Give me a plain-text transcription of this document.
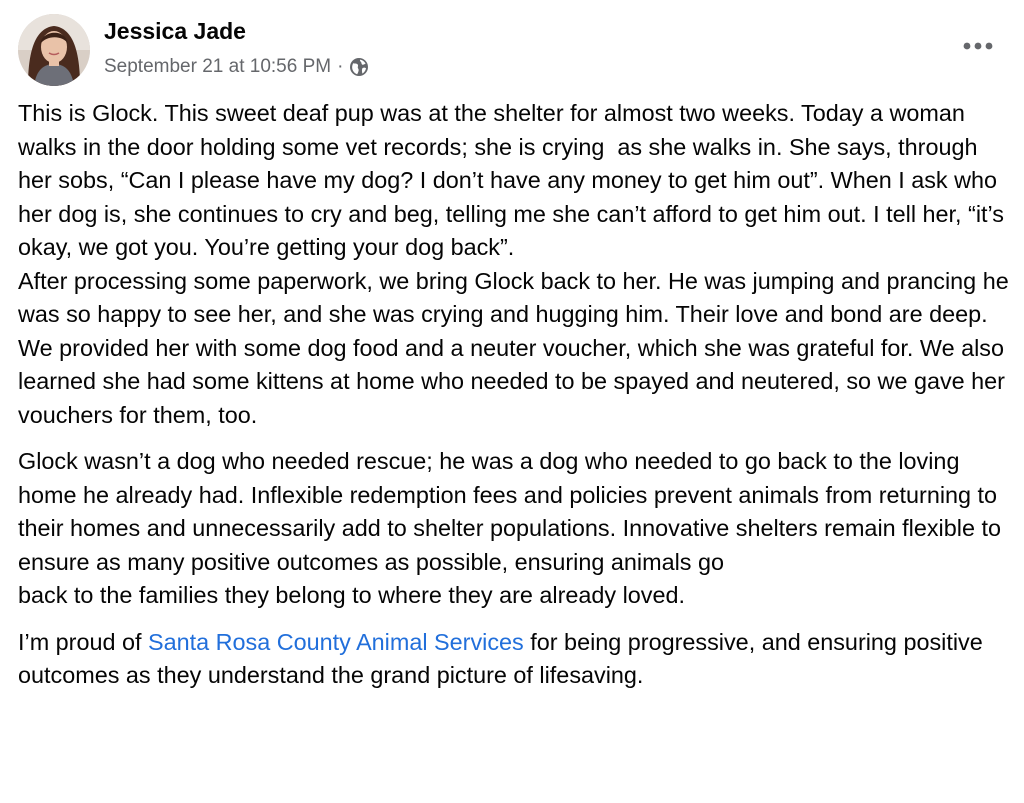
Jessica Jade
September 21 at 10:56 PM ·

This is Glock. This sweet deaf pup was at the shelter for almost two weeks. Today a woman walks in the door holding some vet records; she is crying  as she walks in. She says, through her sobs, “Can I please have my dog? I don’t have any money to get him out”. When I ask who her dog is, she continues to cry and beg, telling me she can’t afford to get him out. I tell her, “it’s okay, we got you. You’re getting your dog back”.
After processing some paperwork, we bring Glock back to her. He was jumping and prancing he was so happy to see her, and she was crying and hugging him. Their love and bond are deep. We provided her with some dog food and a neuter voucher, which she was grateful for. We also learned she had some kittens at home who needed to be spayed and neutered, so we gave her vouchers for them, too.

Glock wasn’t a dog who needed rescue; he was a dog who needed to go back to the loving home he already had. Inflexible redemption fees and policies prevent animals from returning to their homes and unnecessarily add to shelter populations. Innovative shelters remain flexible to ensure as many positive outcomes as possible, ensuring animals go
back to the families they belong to where they are already loved.

I’m proud of Santa Rosa County Animal Services for being progressive, and ensuring positive outcomes as they understand the grand picture of lifesaving.
